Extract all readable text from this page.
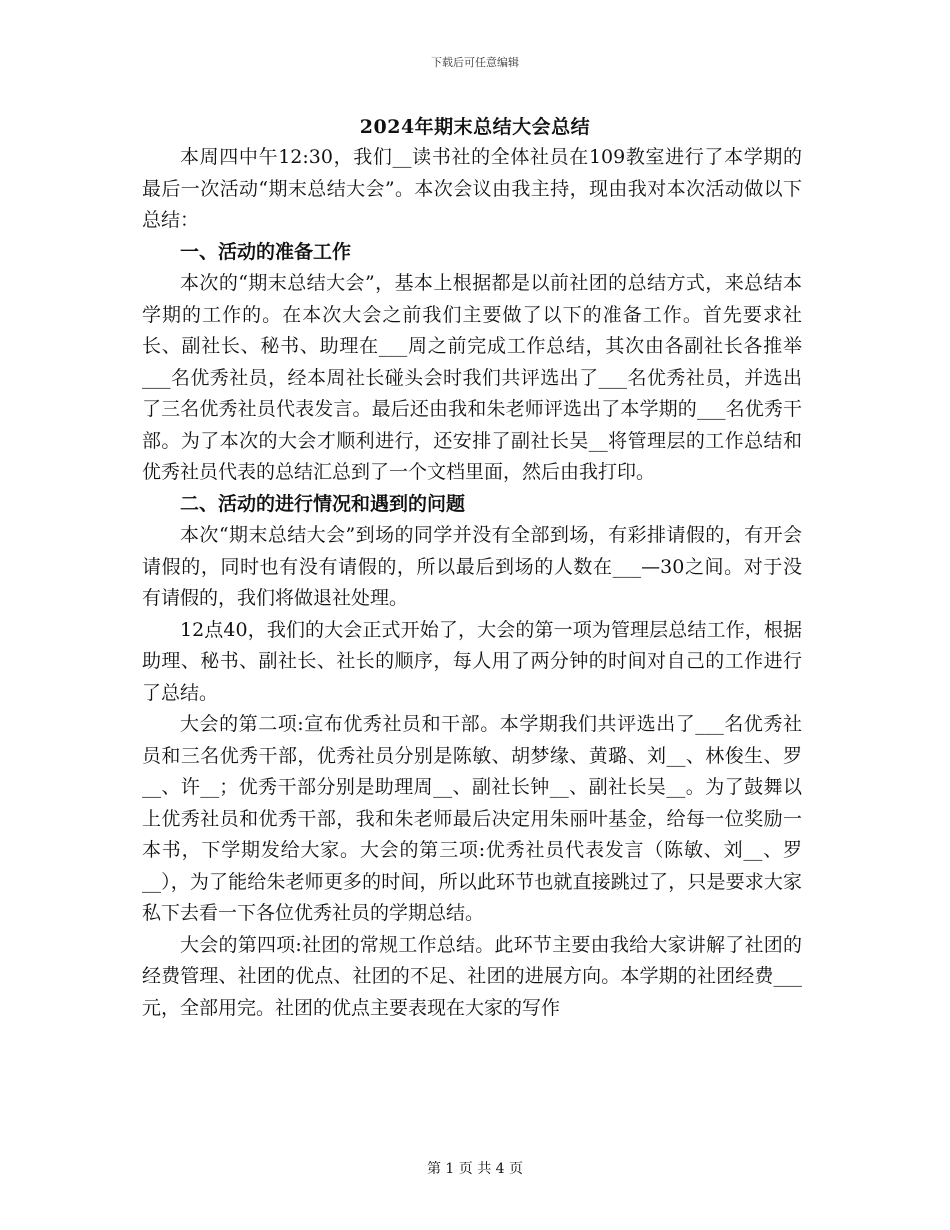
下载后可任意编辑
2024年期末总结大会总结

本周四中午12:30，我们__读书社的全体社员在109教室进行了本学期的最后一次活动“期末总结大会”。本次会议由我主持，现由我对本次活动做以下总结：

一、活动的准备工作

本次的“期末总结大会”，基本上根据都是以前社团的总结方式，来总结本学期的工作的。在本次大会之前我们主要做了以下的准备工作。首先要求社长、副社长、秘书、助理在___周之前完成工作总结，其次由各副社长各推举___名优秀社员，经本周社长碰头会时我们共评选出了___名优秀社员，并选出了三名优秀社员代表发言。最后还由我和朱老师评选出了本学期的___名优秀干部。为了本次的大会才顺利进行，还安排了副社长吴__将管理层的工作总结和优秀社员代表的总结汇总到了一个文档里面，然后由我打印。

二、活动的进行情况和遇到的问题

本次“期末总结大会”到场的同学并没有全部到场，有彩排请假的，有开会请假的，同时也有没有请假的，所以最后到场的人数在___—30之间。对于没有请假的，我们将做退社处理。

12点40，我们的大会正式开始了，大会的第一项为管理层总结工作，根据助理、秘书、副社长、社长的顺序，每人用了两分钟的时间对自己的工作进行了总结。

大会的第二项:宣布优秀社员和干部。本学期我们共评选出了___名优秀社员和三名优秀干部，优秀社员分别是陈敏、胡梦缘、黄璐、刘__、林俊生、罗__、许__；优秀干部分别是助理周__、副社长钟__、副社长吴__。为了鼓舞以上优秀社员和优秀干部，我和朱老师最后决定用朱丽叶基金，给每一位奖励一本书，下学期发给大家。大会的第三项:优秀社员代表发言（陈敏、刘__、罗__），为了能给朱老师更多的时间，所以此环节也就直接跳过了，只是要求大家私下去看一下各位优秀社员的学期总结。

大会的第四项:社团的常规工作总结。此环节主要由我给大家讲解了社团的经费管理、社团的优点、社团的不足、社团的进展方向。本学期的社团经费___元，全部用完。社团的优点主要表现在大家的写作

第 1 页 共 4 页
